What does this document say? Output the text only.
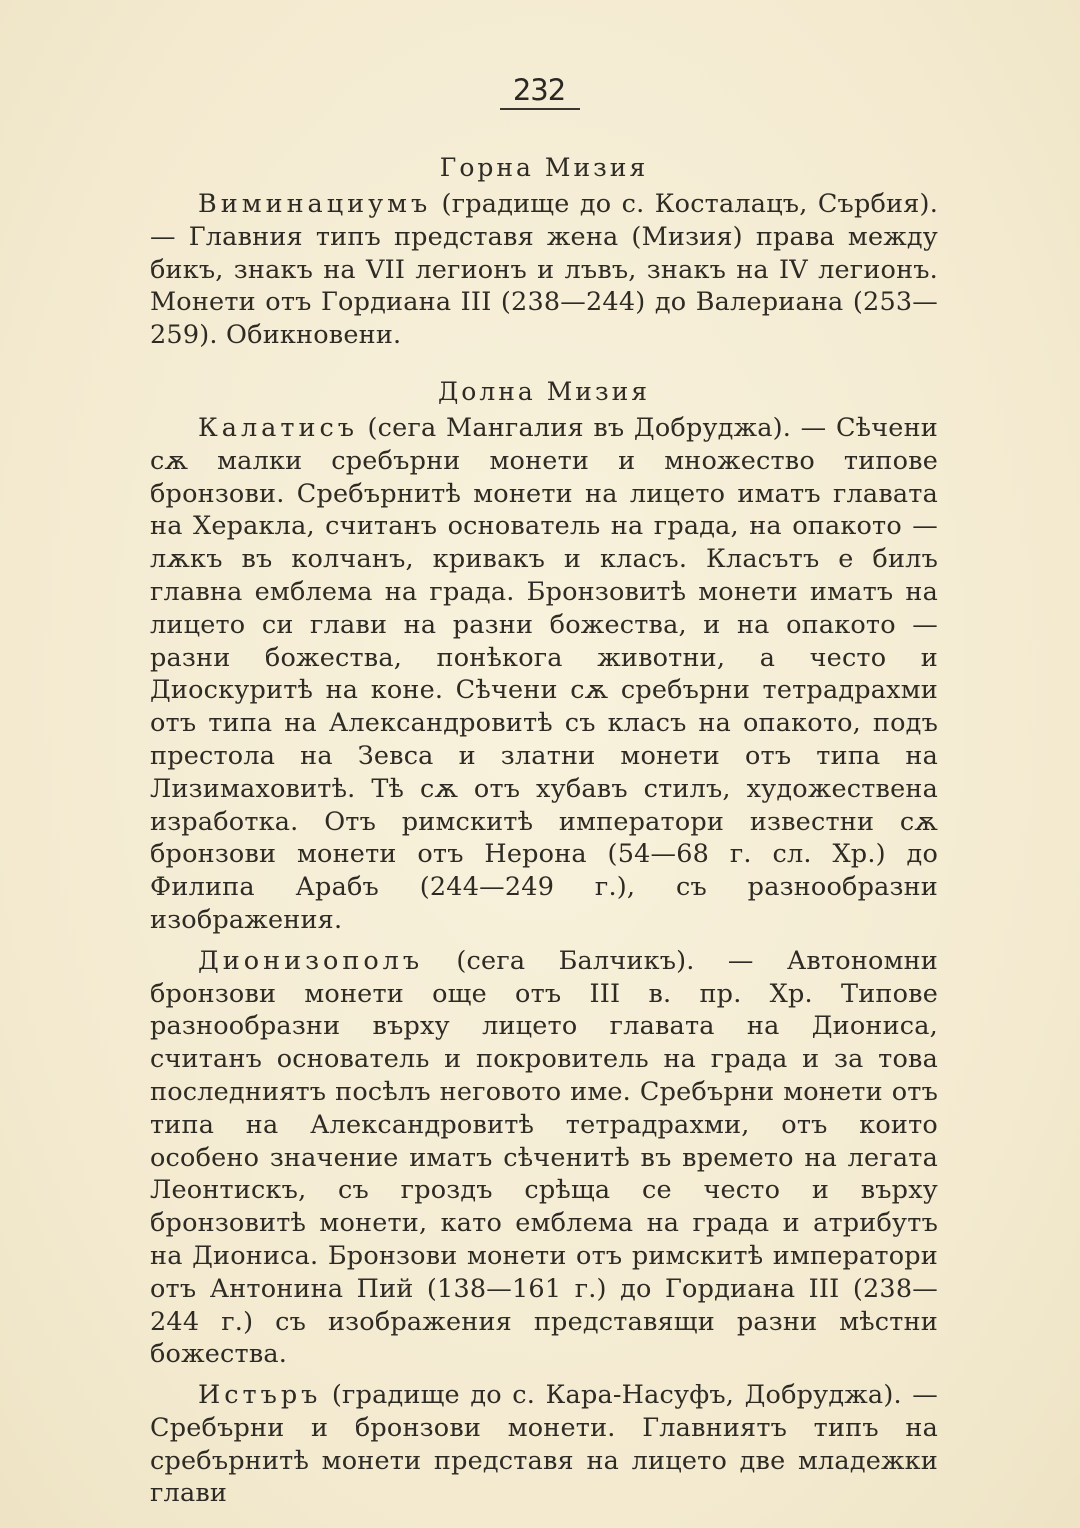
232
Горна Мизия

Виминациумъ (градище до с. Косталацъ, Сърбия). — Главния типъ представя жена (Мизия) права между бикъ, знакъ на VII легионъ и лъвъ, знакъ на IV легионъ. Монети отъ Гордиана III (238—244) до Валериана (253—259). Обикновени.

Долна Мизия

Калатисъ (сега Мангалия въ Добруджа). — Сѣчени сѫ малки сребърни монети и множество типове бронзови. Сребърнитѣ монети на лицето иматъ главата на Херакла, считанъ основатель на града, на опакото — лѫкъ въ колчанъ, кривакъ и класъ. Класътъ е билъ главна емблема на града. Бронзовитѣ монети иматъ на лицето си глави на разни божества, и на опакото — разни божества, понѣкога животни, а често и Диоскуритѣ на коне. Сѣчени сѫ сребърни тетрадрахми отъ типа на Александровитѣ съ класъ на опакото, подъ престола на Зевса и златни монети отъ типа на Лизимаховитѣ. Тѣ сѫ отъ хубавъ стилъ, художествена изработка. Отъ римскитѣ императори известни сѫ бронзови монети отъ Нерона (54—68 г. сл. Хр.) до Филипа Арабъ (244—249 г.), съ разнообразни изображения.

Дионизополъ (сега Балчикъ). — Автономни бронзови монети още отъ III в. пр. Хр. Типове разнообразни върху лицето главата на Диониса, считанъ основатель и покровитель на града и за това последниятъ посѣлъ неговото име. Сребърни монети отъ типа на Александровитѣ тетрадрахми, отъ които особено значение иматъ сѣченитѣ въ времето на легата Леонтискъ, съ гроздъ срѣща се често и върху бронзовитѣ монети, като емблема на града и атрибутъ на Диониса. Бронзови монети отъ римскитѣ императори отъ Антонина Пий (138—161 г.) до Гордиана III (238—244 г.) съ изображения представящи разни мѣстни божества.

Истъръ (градище до с. Кара-Насуфъ, Добруджа). — Сребърни и бронзови монети. Главниятъ типъ на сребърнитѣ монети представя на лицето две младежки глави
